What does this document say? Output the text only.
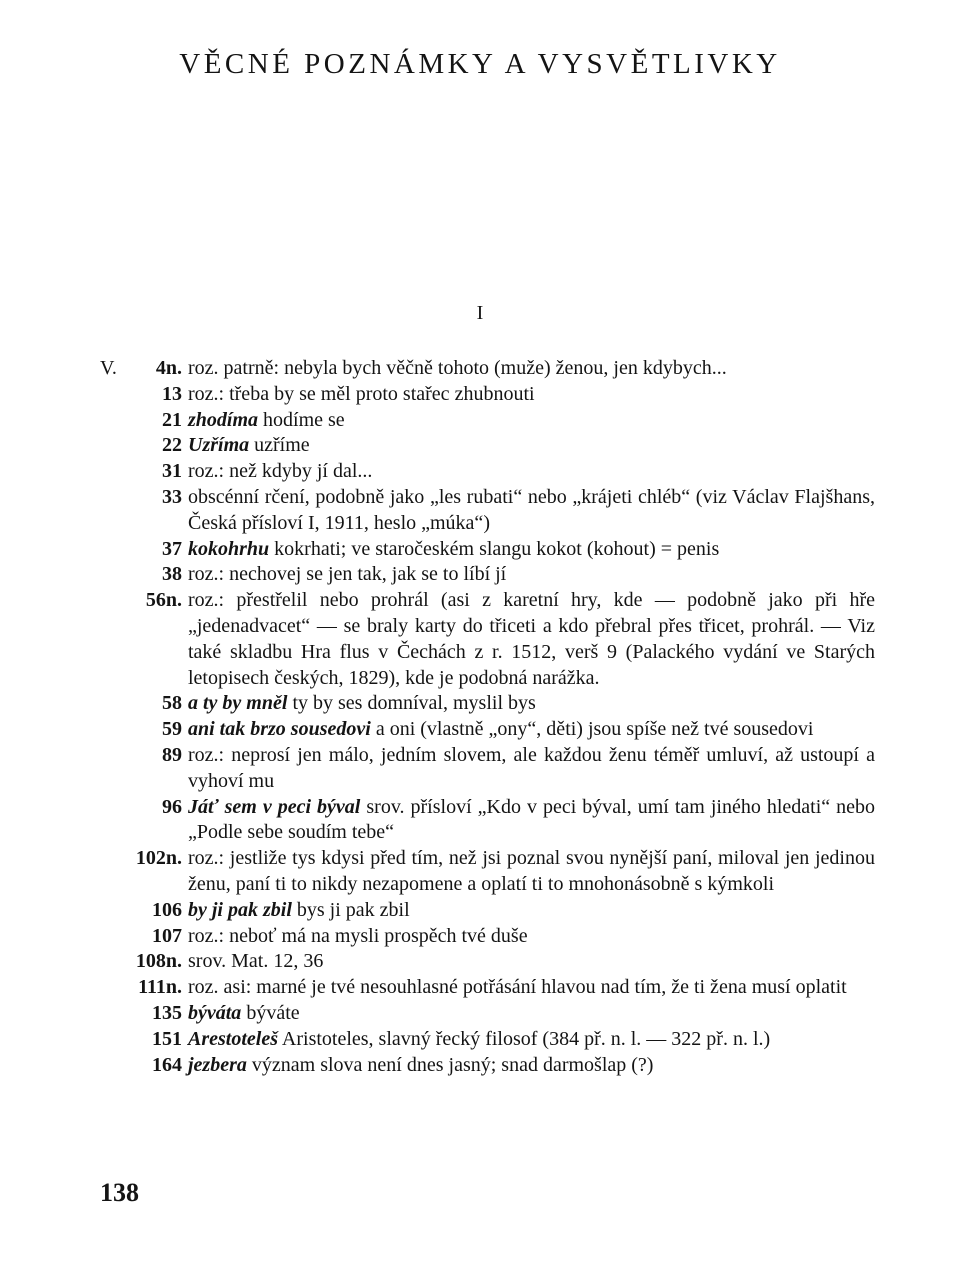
VĚCNÉ POZNÁMKY A VYSVĚTLIVKY
I
V.	4n. roz. patrně: nebyla bych věčně tohoto (muže) ženou, jen kdybych...
13 roz.: třeba by se měl proto stařec zhubnouti
21 zhodíma hodíme se
22 Uzříma uzříme
31 roz.: než kdyby jí dal...
33 obscénní rčení, podobně jako „les rubati“ nebo „krájeti chléb“ (viz Václav Flajšhans, Česká přísloví I, 1911, heslo „múka“)
37 kokohrhu kokrhati; ve staročeském slangu kokot (kohout) = penis
38 roz.: nechovej se jen tak, jak se to líbí jí
56n. roz.: přestřelil nebo prohrál (asi z karetní hry, kde — podobně jako při hře „jedenadvacet“ — se braly karty do třiceti a kdo přebral přes třicet, prohrál. — Viz také skladbu Hra flus v Čechách z r. 1512, verš 9 (Palackého vydání ve Starých letopisech českých, 1829), kde je podobná narážka.
58 a ty by mněl ty by ses domníval, myslil bys
59 ani tak brzo sousedovi a oni (vlastně „ony“, děti) jsou spíše než tvé sousedovi
89 roz.: neprosí jen málo, jedním slovem, ale každou ženu téměř umluví, až ustoupí a vyhoví mu
96 Jáť sem v peci býval srov. přísloví „Kdo v peci býval, umí tam jiného hledati“ nebo „Podle sebe soudím tebe“
102n. roz.: jestliže tys kdysi před tím, než jsi poznal svou nynější paní, miloval jen jedinou ženu, paní ti to nikdy nezapomene a oplatí ti to mnohonásobně s kýmkoli
106 by ji pak zbil bys ji pak zbil
107 roz.: neboť má na mysli prospěch tvé duše
108n. srov. Mat. 12, 36
111n. roz. asi: marné je tvé nesouhlasné potřásání hlavou nad tím, že ti žena musí oplatit
135 býváta býváte
151 Arestoteleš Aristoteles, slavný řecký filosof (384 př. n. l. — 322 př. n. l.)
164 jezbera význam slova není dnes jasný; snad darmošlap (?)
138
